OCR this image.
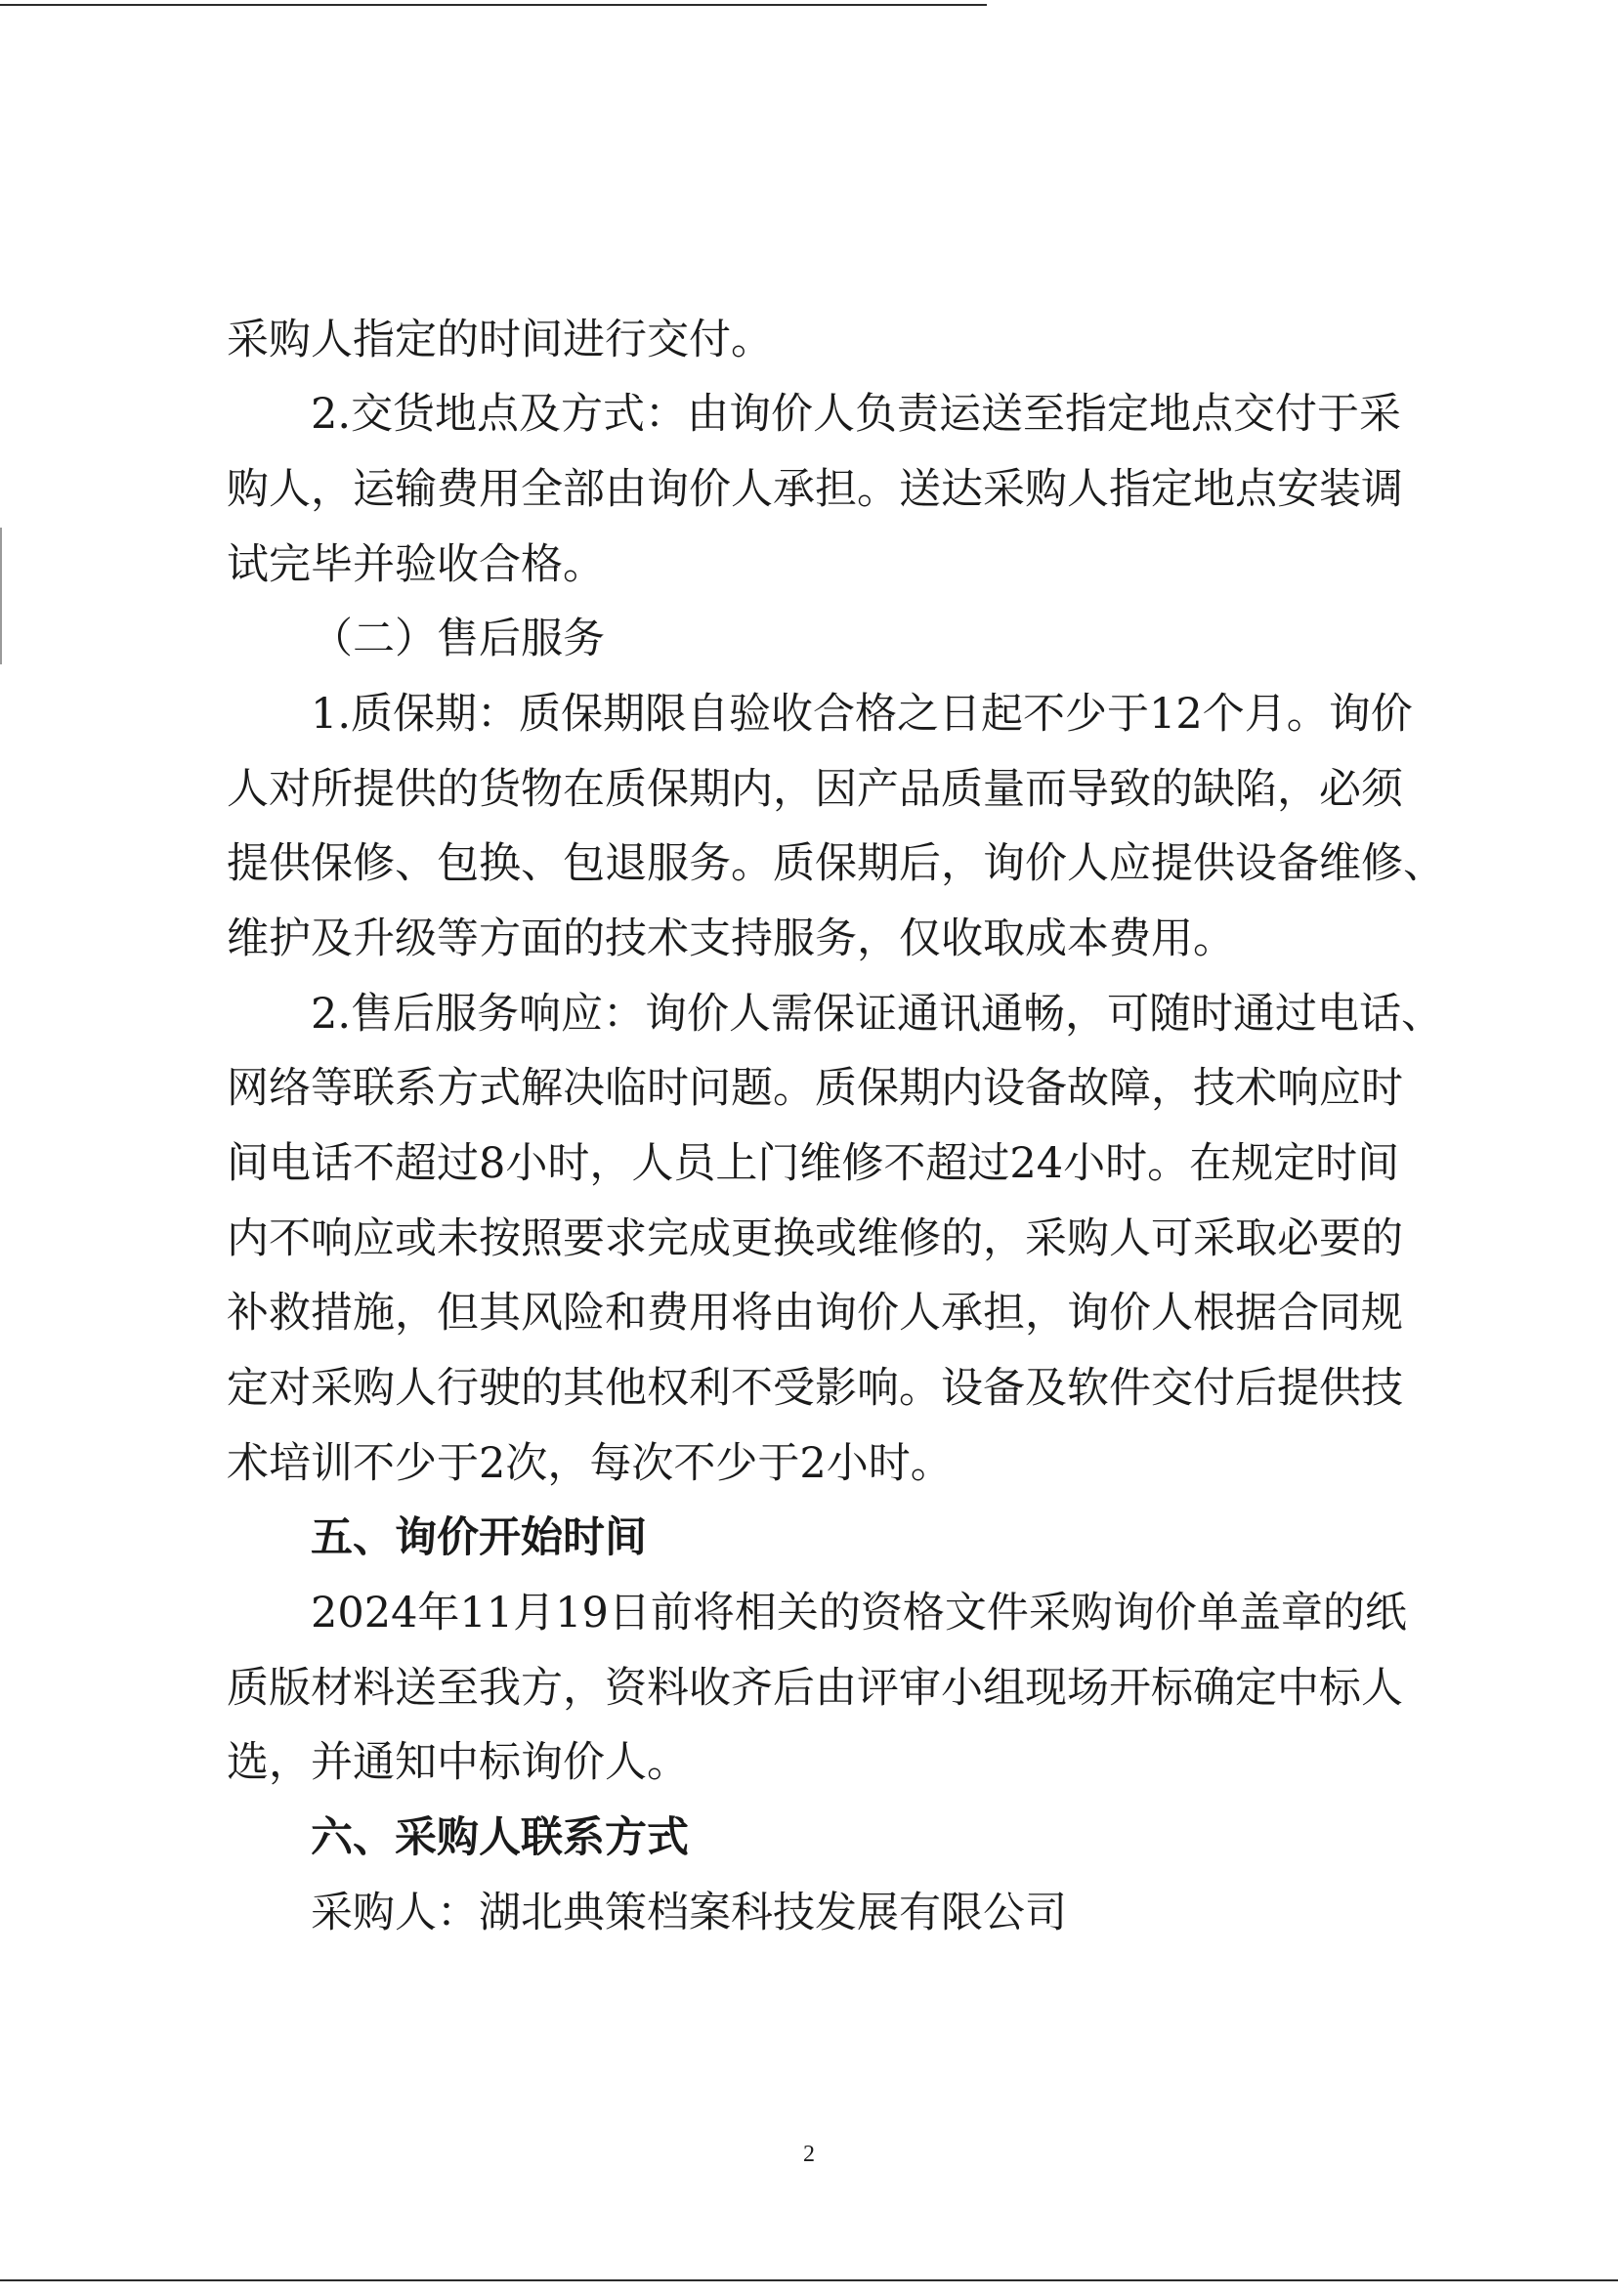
采购人指定的时间进行交付。
2.交货地点及方式：由询价人负责运送至指定地点交付于采
购人，运输费用全部由询价人承担。送达采购人指定地点安装调
试完毕并验收合格。
（二）售后服务
1.质保期：质保期限自验收合格之日起不少于12个月。询价
人对所提供的货物在质保期内，因产品质量而导致的缺陷，必须
提供保修、包换、包退服务。质保期后，询价人应提供设备维修、
维护及升级等方面的技术支持服务，仅收取成本费用。
2.售后服务响应：询价人需保证通讯通畅，可随时通过电话、
网络等联系方式解决临时问题。质保期内设备故障，技术响应时
间电话不超过8小时，人员上门维修不超过24小时。在规定时间
内不响应或未按照要求完成更换或维修的，采购人可采取必要的
补救措施，但其风险和费用将由询价人承担，询价人根据合同规
定对采购人行驶的其他权利不受影响。设备及软件交付后提供技
术培训不少于2次，每次不少于2小时。
五、询价开始时间
2024年11月19日前将相关的资格文件采购询价单盖章的纸
质版材料送至我方，资料收齐后由评审小组现场开标确定中标人
选，并通知中标询价人。
六、采购人联系方式
采购人：湖北典策档案科技发展有限公司
2
